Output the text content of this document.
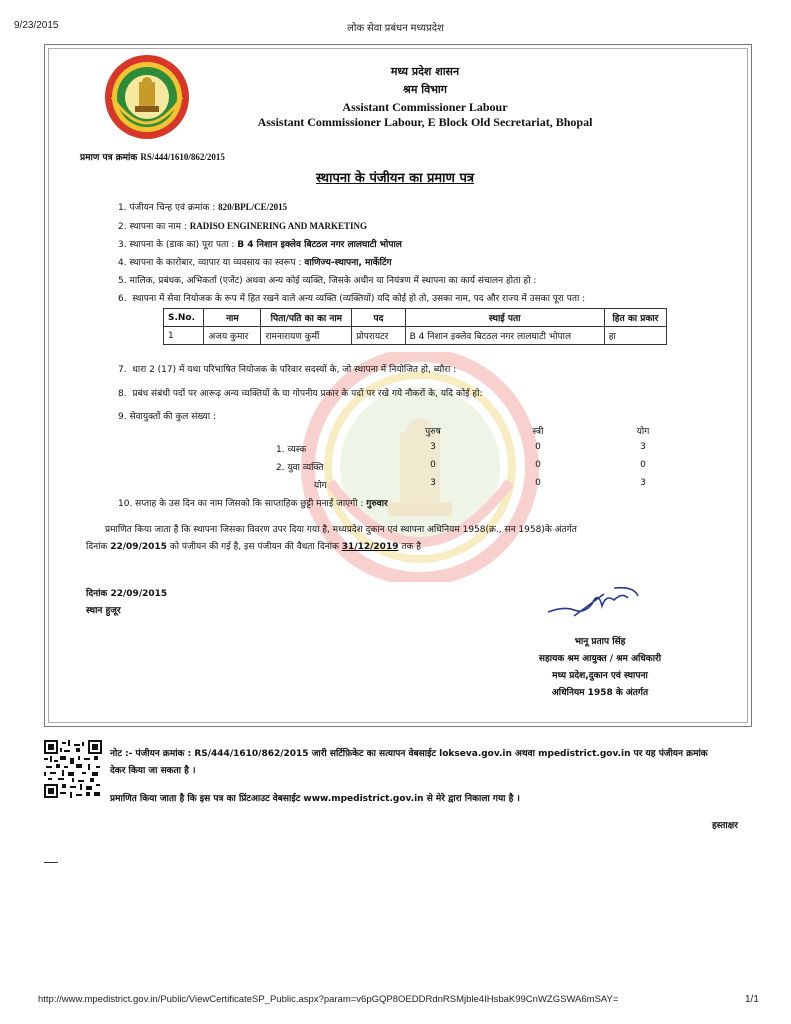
9/23/2015	लोक सेवा प्रबंधन मध्यप्रदेश
http://www.mpedistrict.gov.in/Public/ViewCertificateSP_Public.aspx?param=v6pGQP8OEDDRdnRSMjble4IHsbaK99CnWZGSWA6mSAY=	1/1
मध्य प्रदेश शासन
श्रम विभाग
Assistant Commissioner Labour
Assistant Commissioner Labour, E Block Old Secretariat, Bhopal
प्रमाण पत्र क्रमांक RS/444/1610/862/2015
स्थापना के पंजीयन का प्रमाण पत्र
1. पंजीयन चिन्ह एवं क्रमांक : 820/BPL/CE/2015
2. स्थापना का नाम : RADISO ENGINERING AND MARKETING
3. स्थापना के (डाक का) पूरा पता : B 4 निशान इक्लेव बिटठल नगर लालघाटी भोपाल
4. स्थापना के कारोबार, व्यापार या व्यवसाय का स्वरूप : वाणिज्य-स्थापना, मार्केटिंग
5. मालिक, प्रबंधक, अभिकर्ता (एजेंट) अथवा अन्य कोई व्यक्ति, जिसके अधीन या नियंत्रण में स्थापना का कार्य संचालन होता हो :
6. स्थापना में सेवा नियोजक के रूप में हित रखने वाले अन्य व्यक्ति (व्यक्तियों) यदि कोई हो तो, उसका नाम, पद और राज्य में उसका पूरा पता :
S.No.	नाम	पिता/पति का का नाम	पद	स्थाई पता	हित का प्रकार
1	अजय कुमार	रामनारायण कुर्मी	प्रोपरायटर	B 4 निशान इक्लेव बिटठल नगर लालघाटी भोपाल	हा
7. धारा 2 (17) में यथा परिभाषित नियोजक के परिवार सदस्यों के, जो स्थापना में नियोजित हो, ब्यौरा :
8. प्रबंध संबंधी पदों पर आरूढ़ अन्य व्यक्तियों के या गोपनीय प्रकार के पदों पर रखे गये नौकरों के, यदि कोई हो:
9. सेवायुक्तों की कुल संख्या :
पुरुष	स्त्री	योग
1. व्यस्क	3	0	3
2. युवा व्यक्ति	0	0	0
योग	3	0	3
10. सप्ताह के उस दिन का नाम जिसको कि साप्ताहिक छुट्टी मनाई जाएगी : गुरुवार
प्रमाणित किया जाता है कि स्थापना जिसका विवरण उपर दिया गया है, मध्यप्रदेश दुकान एवं स्थापना अधिनियम 1958(क्र., सन 1958)के अंतर्गत
दिनांक 22/09/2015 को पंजीयन की गई है, इस पंजीयन की वैधता दिनांक 31/12/2019 तक है
दिनांक 22/09/2015
स्थान हुजूर
भानू प्रताप सिंह
सहायक श्रम आयुक्त / श्रम अधिकारी
मध्य प्रदेश,दुकान एवं स्थापना
अधिनियम 1958 के अंतर्गत
नोट :- पंजीयन क्रमांक : RS/444/1610/862/2015 जारी सर्टिफ़िकेट का सत्यापन वेबसाईट lokseva.gov.in अथवा mpedistrict.gov.in पर यह पंजीयन क्रमांक
देकर किया जा सकता है ।
प्रमाणित किया जाता है कि इस पत्र का प्रिंटआउट वेबसाईट www.mpedistrict.gov.in से मेरे द्वारा निकाला गया है ।
हस्ताक्षर
